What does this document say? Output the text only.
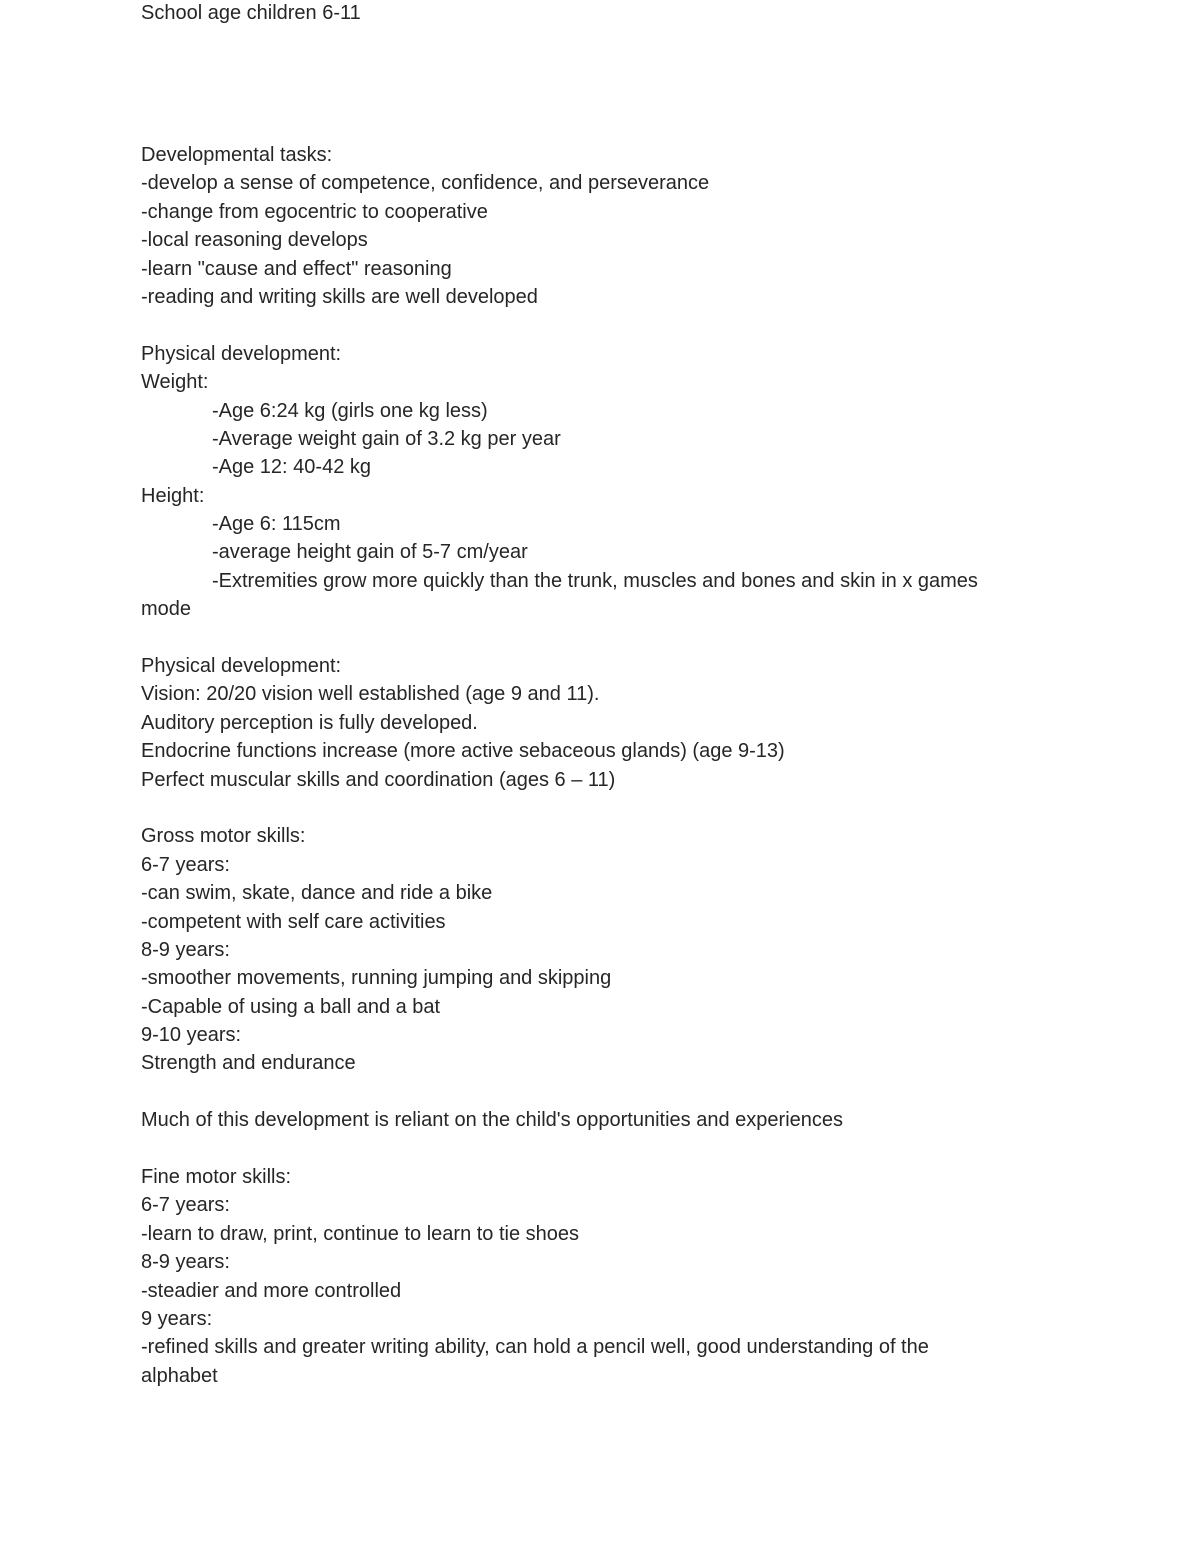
School age children 6-11
Developmental tasks:
-develop a sense of competence, confidence, and perseverance
-change from egocentric to cooperative
-local reasoning develops
-learn "cause and effect" reasoning
-reading and writing skills are well developed
Physical development:
Weight:
-Age 6:24 kg (girls one kg less)
-Average weight gain of 3.2 kg per year
-Age 12: 40-42 kg
Height:
-Age 6: 115cm
-average height gain of 5-7 cm/year
-Extremities grow more quickly than the trunk, muscles and bones and skin in x games
mode
Physical development:
Vision: 20/20 vision well established (age 9 and 11).
Auditory perception is fully developed.
Endocrine functions increase (more active sebaceous glands) (age 9-13)
Perfect muscular skills and coordination (ages 6 – 11)
Gross motor skills:
6-7 years:
-can swim, skate, dance and ride a bike
-competent with self care activities
8-9 years:
-smoother movements, running jumping and skipping
-Capable of using a ball and a bat
9-10 years:
Strength and endurance
Much of this development is reliant on the child's opportunities and experiences
Fine motor skills:
6-7 years:
-learn to draw, print, continue to learn to tie shoes
8-9 years:
-steadier and more controlled
9 years:
-refined skills and greater writing ability, can hold a pencil well, good understanding of the
alphabet
